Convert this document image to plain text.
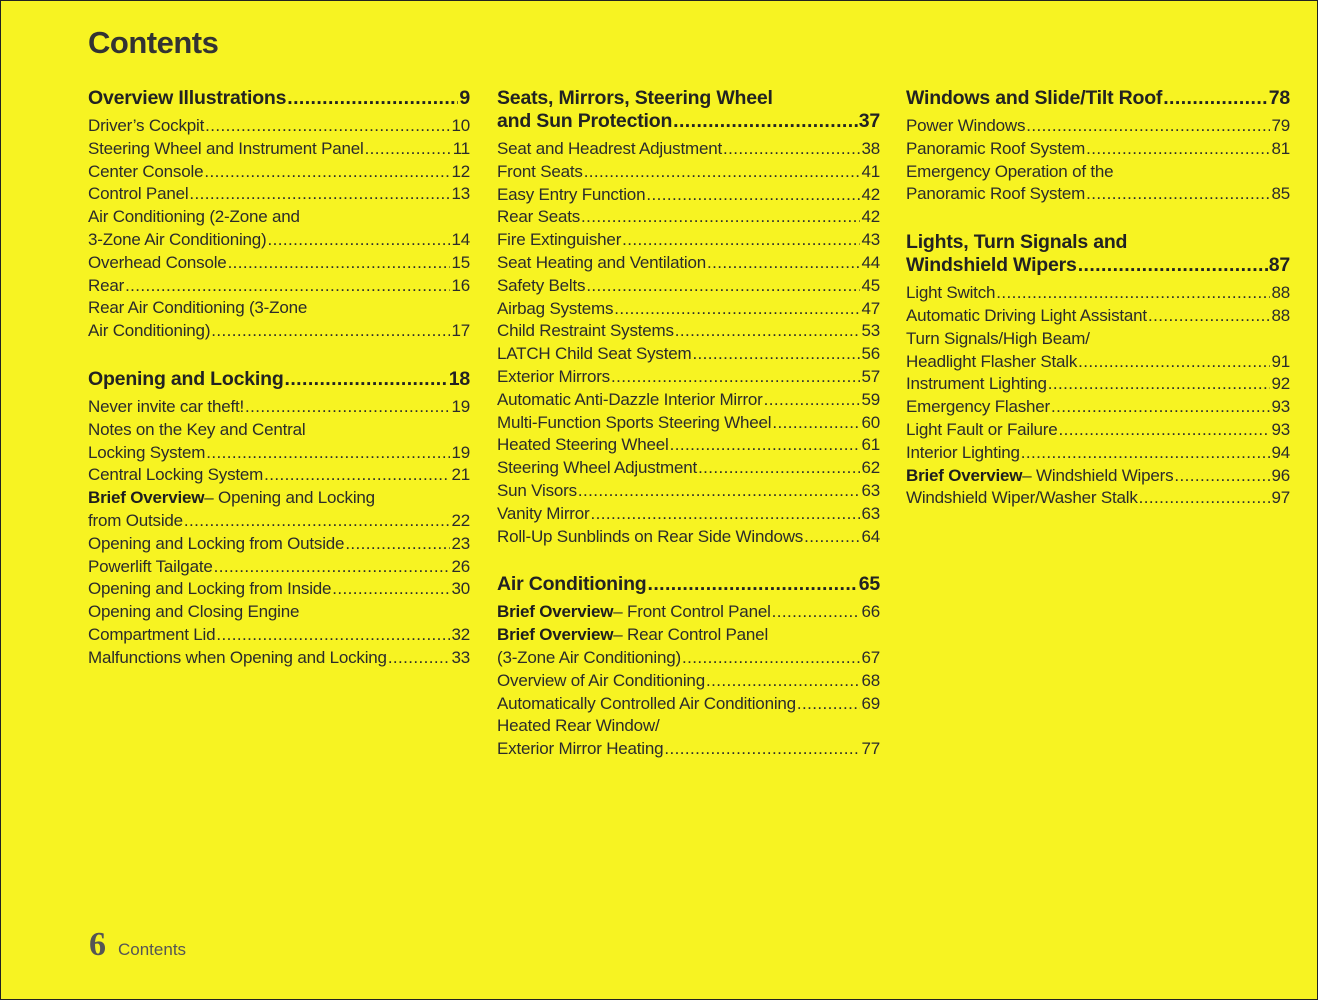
Contents
Overview Illustrations .....	9
Driver’s Cockpit .....	10
Steering Wheel and Instrument Panel .....	11
Center Console .....	12
Control Panel .....	13
Air Conditioning (2-Zone and
3-Zone Air Conditioning) .....	14
Overhead Console .....	15
Rear .....	16
Rear Air Conditioning (3-Zone
Air Conditioning) .....	17
Opening and Locking .....	18
Never invite car theft! .....	19
Notes on the Key and Central
Locking System .....	19
Central Locking System .....	21
Brief Overview – Opening and Locking
from Outside .....	22
Opening and Locking from Outside .....	23
Powerlift Tailgate .....	26
Opening and Locking from Inside .....	30
Opening and Closing Engine
Compartment Lid .....	32
Malfunctions when Opening and Locking .....	33
Seats, Mirrors, Steering Wheel
and Sun Protection .....	37
Seat and Headrest Adjustment .....	38
Front Seats .....	41
Easy Entry Function .....	42
Rear Seats .....	42
Fire Extinguisher .....	43
Seat Heating and Ventilation .....	44
Safety Belts .....	45
Airbag Systems .....	47
Child Restraint Systems .....	53
LATCH Child Seat System .....	56
Exterior Mirrors .....	57
Automatic Anti-Dazzle Interior Mirror .....	59
Multi-Function Sports Steering Wheel .....	60
Heated Steering Wheel .....	61
Steering Wheel Adjustment .....	62
Sun Visors .....	63
Vanity Mirror .....	63
Roll-Up Sunblinds on Rear Side Windows .....	64
Air Conditioning .....	65
Brief Overview – Front Control Panel .....	66
Brief Overview – Rear Control Panel
(3-Zone Air Conditioning) .....	67
Overview of Air Conditioning .....	68
Automatically Controlled Air Conditioning .....	69
Heated Rear Window/
Exterior Mirror Heating .....	77
Windows and Slide/Tilt Roof .....	78
Power Windows .....	79
Panoramic Roof System .....	81
Emergency Operation of the
Panoramic Roof System .....	85
Lights, Turn Signals and
Windshield Wipers .....	87
Light Switch .....	88
Automatic Driving Light Assistant .....	88
Turn Signals/High Beam/
Headlight Flasher Stalk .....	91
Instrument Lighting .....	92
Emergency Flasher .....	93
Light Fault or Failure .....	93
Interior Lighting .....	94
Brief Overview – Windshield Wipers .....	96
Windshield Wiper/Washer Stalk .....	97
6 Contents
